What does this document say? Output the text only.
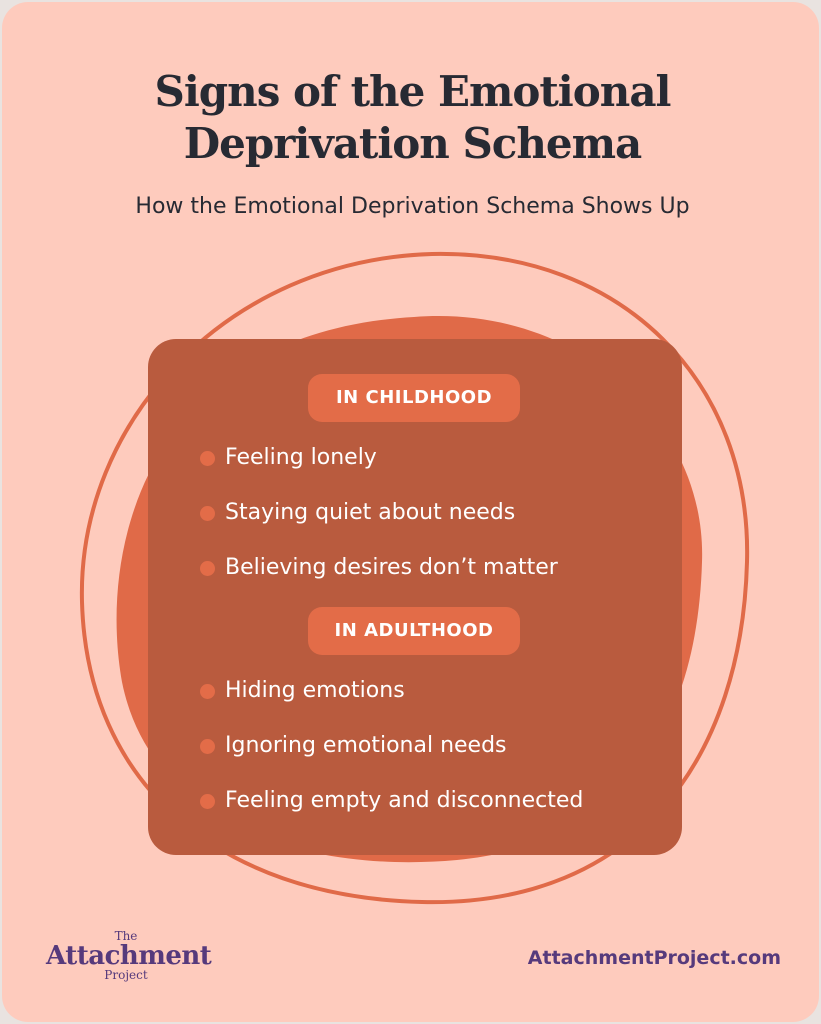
Signs of the Emotional
Deprivation Schema
How the Emotional Deprivation Schema Shows Up
IN CHILDHOOD
Feeling lonely
Staying quiet about needs
Believing desires don’t matter
IN ADULTHOOD
Hiding emotions
Ignoring emotional needs
Feeling empty and disconnected
The
Attachment
Project
AttachmentProject.com
